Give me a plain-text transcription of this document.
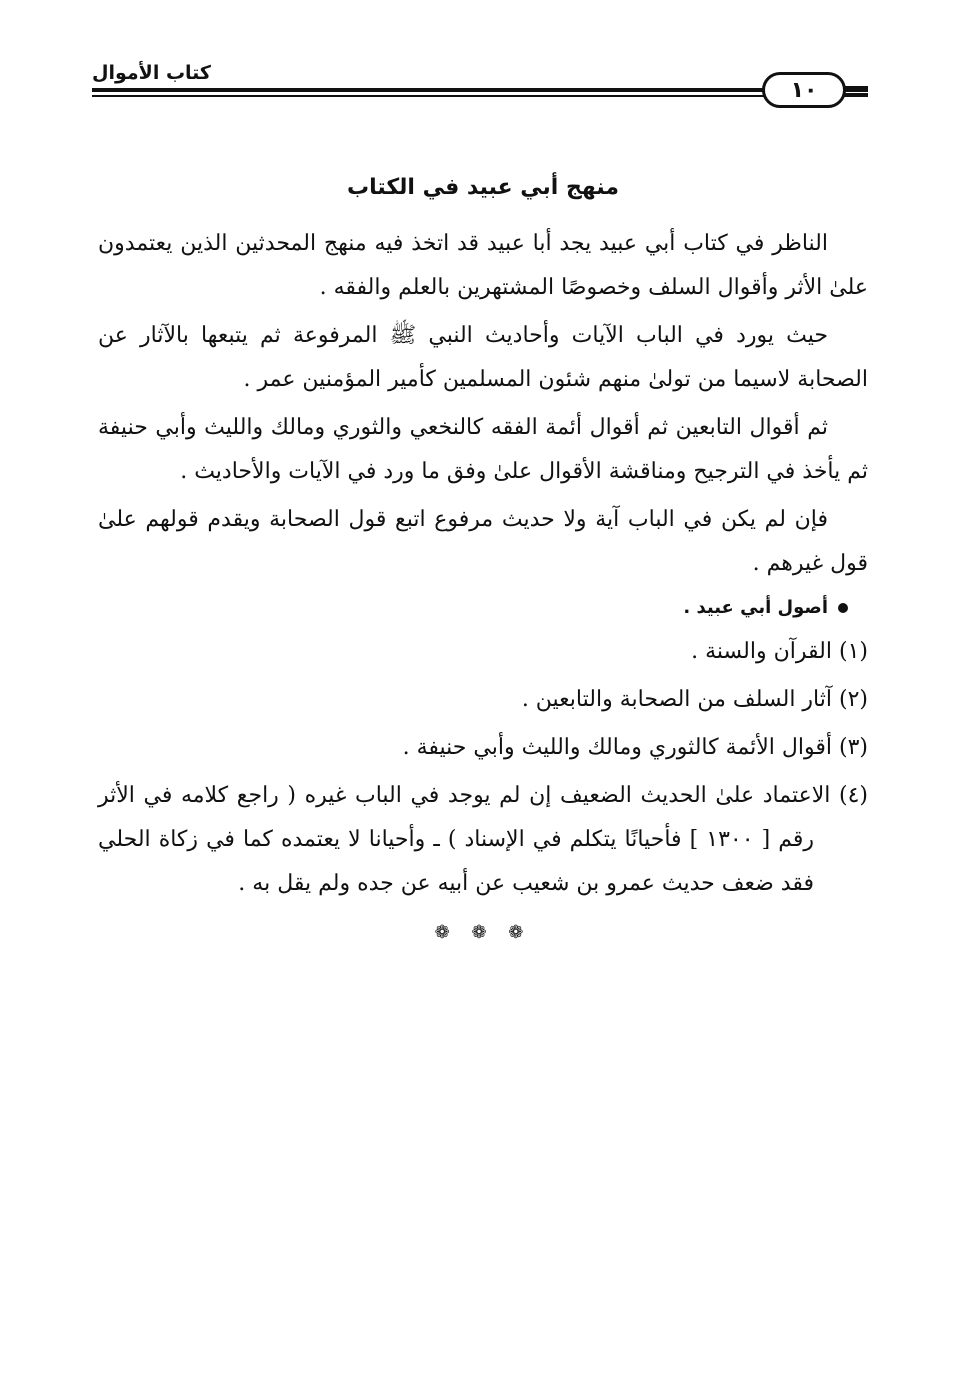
١٠
كتاب الأموال
منهج أبي عبيد في الكتاب

الناظر في كتاب أبي عبيد يجد أبا عبيد قد اتخذ فيه منهج المحدثين الذين يعتمدون علىٰ الأثر وأقوال السلف وخصوصًا المشتهرين بالعلم والفقه .

حيث يورد في الباب الآيات وأحاديث النبي ﷺ المرفوعة ثم يتبعها بالآثار عن الصحابة لاسيما من تولىٰ منهم شئون المسلمين كأمير المؤمنين عمر .

ثم أقوال التابعين ثم أقوال أئمة الفقه كالنخعي والثوري ومالك والليث وأبي حنيفة ثم يأخذ في الترجيح ومناقشة الأقوال علىٰ وفق ما ورد في الآيات والأحاديث .

فإن لم يكن في الباب آية ولا حديث مرفوع اتبع قول الصحابة ويقدم قولهم علىٰ قول غيرهم .

أصول أبي عبيد .
(١) القرآن والسنة .
(٢) آثار السلف من الصحابة والتابعين .
(٣) أقوال الأئمة كالثوري ومالك والليث وأبي حنيفة .
(٤) الاعتماد علىٰ الحديث الضعيف إن لم يوجد في الباب غيره ( راجع كلامه في الأثر رقم [ ١٣٠٠ ] فأحيانًا يتكلم في الإسناد ) ـ وأحيانا لا يعتمده كما في زكاة الحلي فقد ضعف حديث عمرو بن شعيب عن أبيه عن جده ولم يقل به .
❁ ❁ ❁
